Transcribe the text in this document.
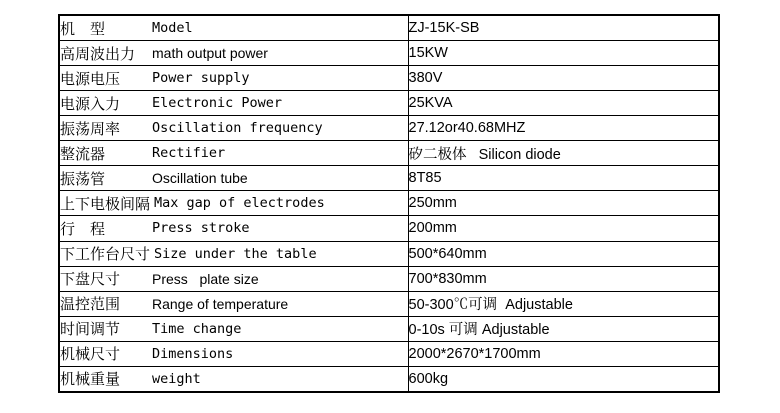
机　型 Model	ZJ-15K-SB

高周波出力 math output power	15KW

电源电压 Power supply	380V

电源入力 Electronic Power	25KVA

振荡周率 Oscillation frequency	27.12or40.68MHZ

整流器 Rectifier	矽二极体   Silicon diode

振荡管 Oscillation tube	8T85

上下电极间隔 Max gap of electrodes	250mm

行　程 Press stroke	200mm

下工作台尺寸 Size under the table	500*640mm

下盘尺寸 Press   plate size	700*830mm

温控范围 Range of temperature	50-300℃可调  Adjustable

时间调节 Time change	0-10s 可调 Adjustable

机械尺寸 Dimensions	2000*2670*1700mm

机械重量 weight	600kg
